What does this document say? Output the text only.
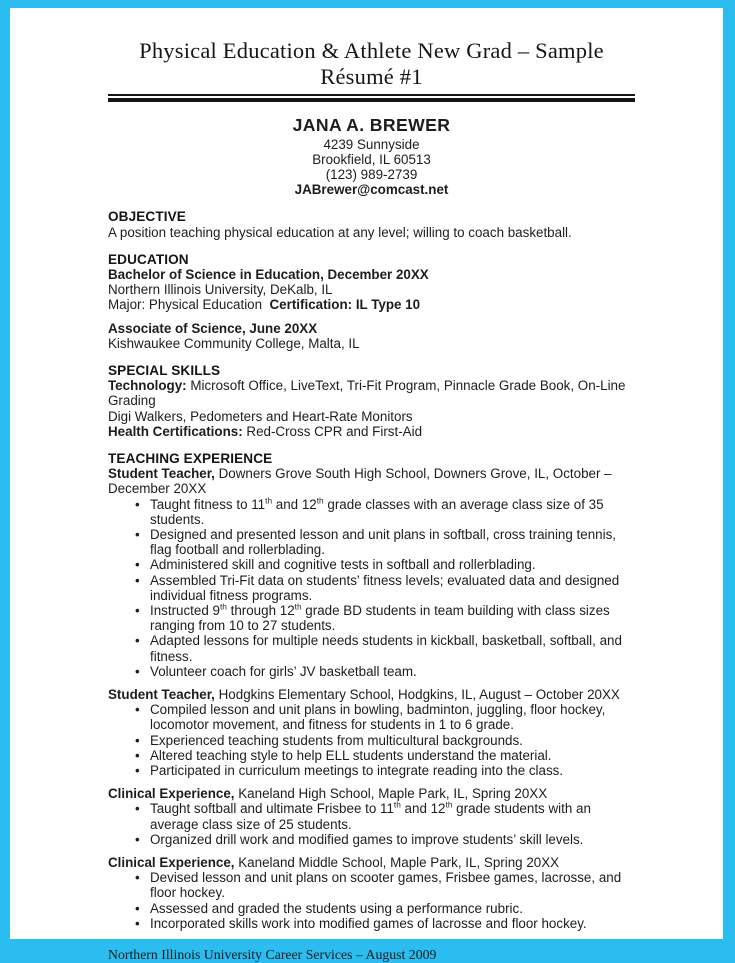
Physical Education & Athlete New Grad – Sample Résumé #1
JANA A. BREWER
4239 Sunnyside
Brookfield, IL 60513
(123) 989-2739
JABrewer@comcast.net
OBJECTIVE

A position teaching physical education at any level; willing to coach basketball.

EDUCATION

Bachelor of Science in Education, December 20XX

Northern Illinois University, DeKalb, IL

Major: Physical Education  Certification: IL Type 10

Associate of Science, June 20XX

Kishwaukee Community College, Malta, IL

SPECIAL SKILLS

Technology: Microsoft Office, LiveText, Tri-Fit Program, Pinnacle Grade Book, On-Line Grading

Digi Walkers, Pedometers and Heart-Rate Monitors

Health Certifications: Red-Cross CPR and First-Aid

TEACHING EXPERIENCE

Student Teacher, Downers Grove South High School, Downers Grove, IL, October – December 20XX

• Taught fitness to 11th and 12th grade classes with an average class size of 35 students.
• Designed and presented lesson and unit plans in softball, cross training tennis, flag football and rollerblading.
• Administered skill and cognitive tests in softball and rollerblading.
• Assembled Tri-Fit data on students’ fitness levels; evaluated data and designed individual fitness programs.
• Instructed 9th through 12th grade BD students in team building with class sizes ranging from 10 to 27 students.
• Adapted lessons for multiple needs students in kickball, basketball, softball, and fitness.
• Volunteer coach for girls’ JV basketball team.

Student Teacher, Hodgkins Elementary School, Hodgkins, IL, August – October 20XX

• Compiled lesson and unit plans in bowling, badminton, juggling, floor hockey, locomotor movement, and fitness for students in 1 to 6 grade.
• Experienced teaching students from multicultural backgrounds.
• Altered teaching style to help ELL students understand the material.
• Participated in curriculum meetings to integrate reading into the class.

Clinical Experience, Kaneland High School, Maple Park, IL, Spring 20XX

• Taught softball and ultimate Frisbee to 11th and 12th grade students with an average class size of 25 students.
• Organized drill work and modified games to improve students’ skill levels.

Clinical Experience, Kaneland Middle School, Maple Park, IL, Spring 20XX

• Devised lesson and unit plans on scooter games, Frisbee games, lacrosse, and floor hockey.
• Assessed and graded the students using a performance rubric.
• Incorporated skills work into modified games of lacrosse and floor hockey.
Northern Illinois University Career Services – August 2009
